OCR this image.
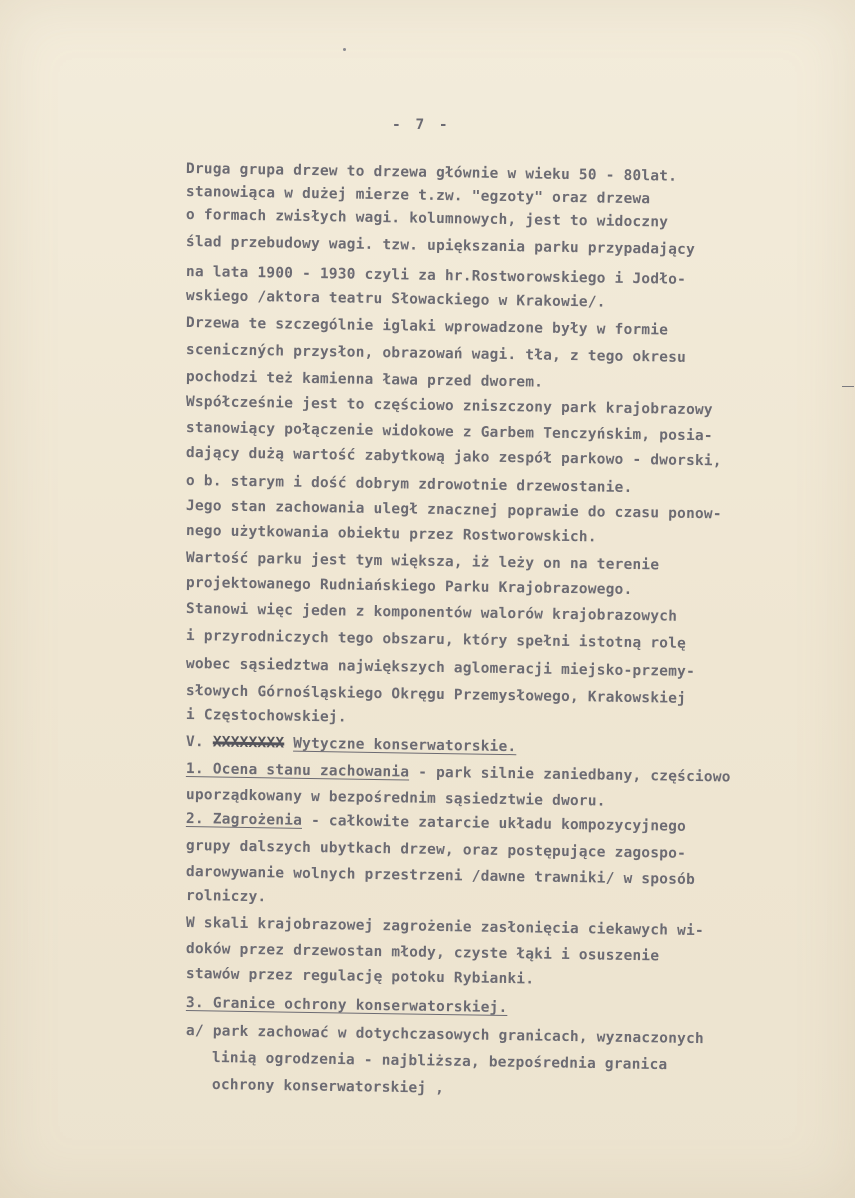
- 7 -
Druga grupa drzew to drzewa głównie w wieku 50 - 80lat.
stanowiąca w dużej mierze t.zw. "egzoty" oraz drzewa
o formach zwisłych wagi. kolumnowych, jest to widoczny
ślad przebudowy wagi. tzw. upiększania parku przypadający
na lata 1900 - 1930 czyli za hr.Rostworowskiego i Jodło-
wskiego /aktora teatru Słowackiego w Krakowie/.
Drzewa te szczególnie iglaki wprowadzone były w formie
sceniczných przysłon, obrazowań wagi. tła, z tego okresu
pochodzi też kamienna ława przed dworem.
Współcześnie jest to częściowo zniszczony park krajobrazowy
stanowiący połączenie widokowe z Garbem Tenczyńskim, posia-
dający dużą wartość zabytkową jako zespół parkowo - dworski,
o b. starym i dość dobrym zdrowotnie drzewostanie.
Jego stan zachowania uległ znacznej poprawie do czasu ponow-
nego użytkowania obiektu przez Rostworowskich.
Wartość parku jest tym większa, iż leży on na terenie
projektowanego Rudniańskiego Parku Krajobrazowego.
Stanowi więc jeden z komponentów walorów krajobrazowych
i przyrodniczych tego obszaru, który spełni istotną rolę
wobec sąsiedztwa największych aglomeracji miejsko-przemy-
słowych Górnośląskiego Okręgu Przemysłowego, Krakowskiej
i Częstochowskiej.
V. XXXXXXXX Wytyczne konserwatorskie.
1. Ocena stanu zachowania - park silnie zaniedbany, częściowo
uporządkowany w bezpośrednim sąsiedztwie dworu.
2. Zagrożenia - całkowite zatarcie układu kompozycyjnego
grupy dalszych ubytkach drzew, oraz postępujące zagospo-
darowywanie wolnych przestrzeni /dawne trawniki/ w sposób
rolniczy.
W skali krajobrazowej zagrożenie zasłonięcia ciekawych wi-
doków przez drzewostan młody, czyste łąki i osuszenie
stawów przez regulację potoku Rybianki.
3. Granice ochrony konserwatorskiej.
a/ park zachować w dotychczasowych granicach, wyznaczonych
linią ogrodzenia - najbliższa, bezpośrednia granica
ochrony konserwatorskiej ,
